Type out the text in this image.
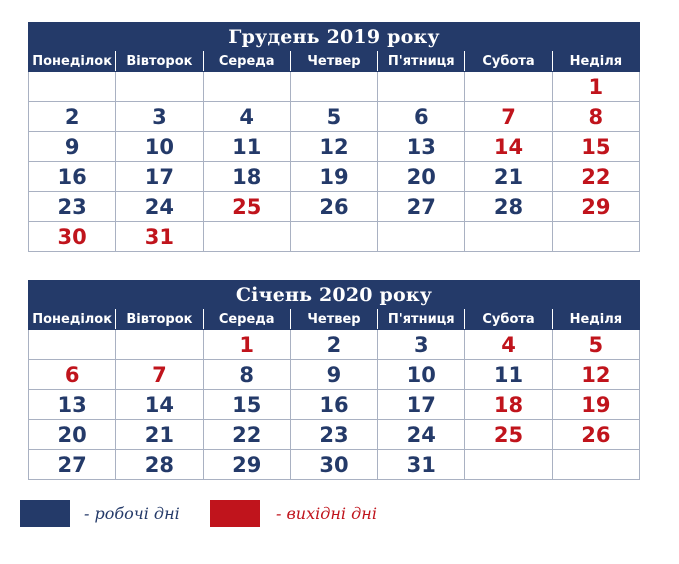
Грудень 2019 року						
Понеділок	Вівторок	Середа	Четвер	П'ятниця	Субота	Неділя
						1
2	3	4	5	6	7	8
9	10	11	12	13	14	15
16	17	18	19	20	21	22
23	24	25	26	27	28	29
30	31					
Січень 2020 року						
Понеділок	Вівторок	Середа	Четвер	П'ятниця	Субота	Неділя
		1	2	3	4	5
6	7	8	9	10	11	12
13	14	15	16	17	18	19
20	21	22	23	24	25	26
27	28	29	30	31		
- робочі дні	- вихідні дні
